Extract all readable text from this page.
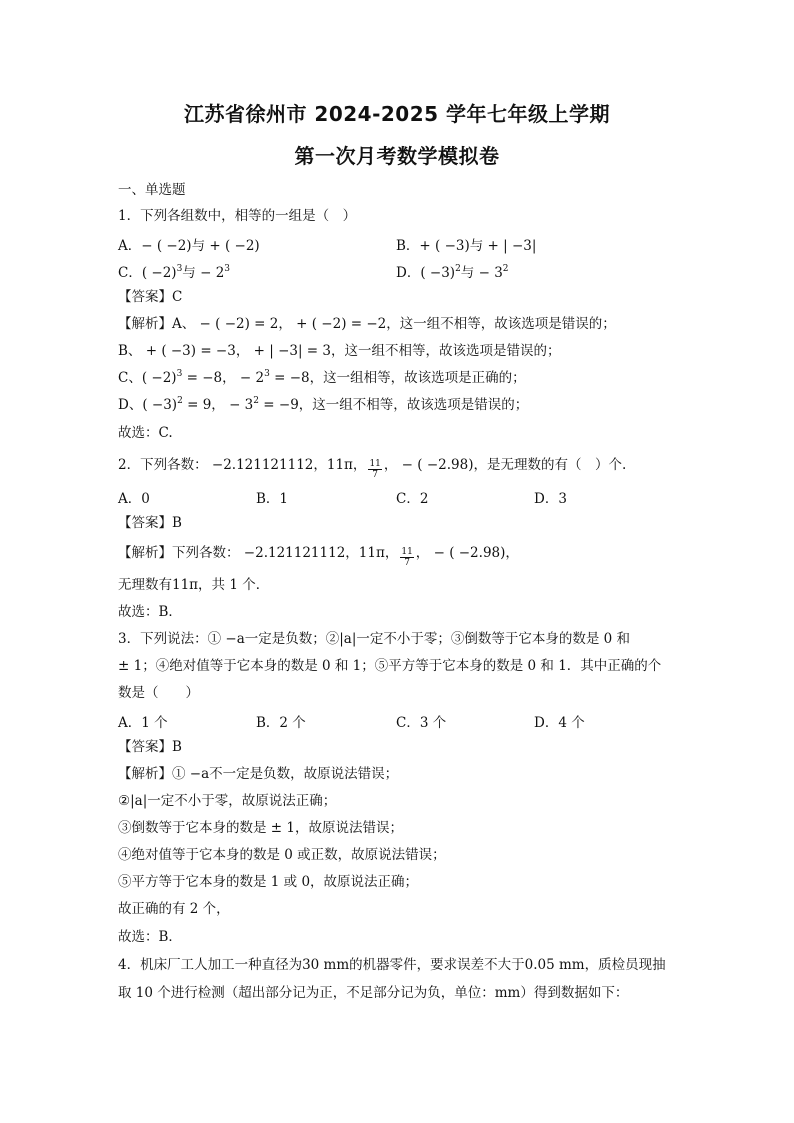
江苏省徐州市 2024-2025 学年七年级上学期
第一次月考数学模拟卷
一、单选题
1．下列各组数中，相等的一组是（　）
A．− ( −2)与 + ( −2)	B．+ ( −3)与 + | −3|
C．( −2)$^3$与 − $2^3$	D．( −3)$^2$与 − $3^2$
【答案】C
【解析】A、 − ( −2) = 2， + ( −2) = −2，这一组不相等，故该选项是错误的；
B、 + ( −3) = −3， + | −3| = 3，这一组不相等，故该选项是错误的；
C、( −2)$^3$ = −8， − $2^3 = -8$，这一组相等，故该选项是正确的；
D、( −3)$^2$ = 9， − $3^2 = -9$，这一组不相等，故该选项是错误的；
故选：C.
2．下列各数： −2.121121112，11π， $\frac{11}{7}$ ， − ( −2.98)，是无理数的有（　）个.
A．0	B．1	C．2	D．3
【答案】B
【解析】下列各数： −2.121121112，11π， $\frac{11}{7}$ ， − ( −2.98)，
无理数有11π，共 1 个．
故选：B．
3．下列说法：① −a一定是负数；②|a|一定不小于零；③倒数等于它本身的数是 0 和
± 1；④绝对值等于它本身的数是 0 和 1；⑤平方等于它本身的数是 0 和 1．其中正确的个
数是（　　）
A．1 个	B．2 个	C．3 个	D．4 个
【答案】B
【解析】① −a不一定是负数，故原说法错误；
②|a|一定不小于零，故原说法正确；
③倒数等于它本身的数是 ± 1，故原说法错误；
④绝对值等于它本身的数是 0 或正数，故原说法错误；
⑤平方等于它本身的数是 1 或 0，故原说法正确；
故正确的有 2 个，
故选：B．
4．机床厂工人加工一种直径为30 mm的机器零件，要求误差不大于0.05 mm，质检员现抽
取 10 个进行检测（超出部分记为正，不足部分记为负，单位：mm）得到数据如下：
